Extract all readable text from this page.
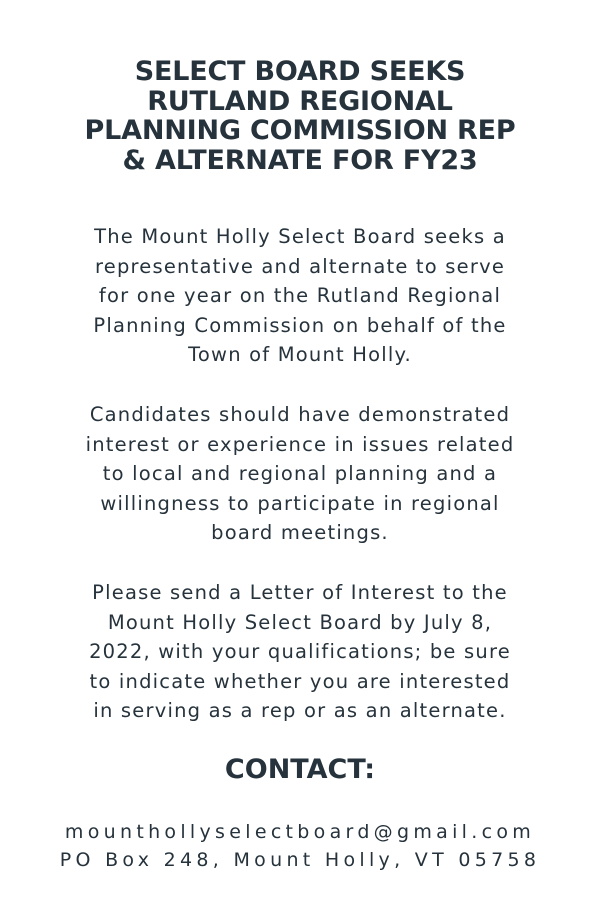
SELECT BOARD SEEKS
RUTLAND REGIONAL
PLANNING COMMISSION REP
& ALTERNATE FOR FY23
The Mount Holly Select Board seeks a
representative and alternate to serve
for one year on the Rutland Regional
Planning Commission on behalf of the
Town of Mount Holly.
Candidates should have demonstrated
interest or experience in issues related
to local and regional planning and a
willingness to participate in regional
board meetings.
Please send a Letter of Interest to the
Mount Holly Select Board by July 8,
2022, with your qualifications; be sure
to indicate whether you are interested
in serving as a rep or as an alternate.
CONTACT:
mounthollyselectboard@gmail.com
PO Box 248, Mount Holly, VT 05758
